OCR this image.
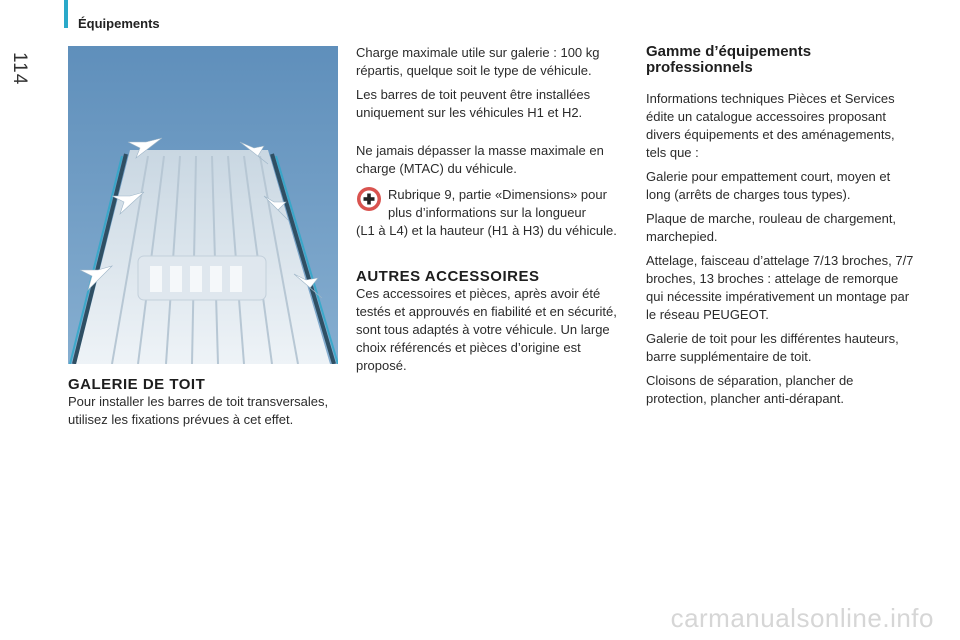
114
Équipements
GALERIE DE TOIT

Pour installer les barres de toit transversales, utilisez les fixations prévues à cet effet.

Charge maximale utile sur galerie : 100 kg répartis, quelque soit le type de véhicule.

Les barres de toit peuvent être installées uniquement sur les véhicules H1 et H2.

Ne jamais dépasser la masse maximale en charge (MTAC) du véhicule.

Rubrique 9, partie «Dimensions» pour

plus d’informations sur la longueur

(L1 à L4) et la hauteur (H1 à H3) du véhicule.

AUTRES ACCESSOIRES

Ces accessoires et pièces, après avoir été testés et approuvés en fiabilité et en sécurité, sont tous adaptés à votre véhicule. Un large choix référencés et pièces d’origine est proposé.

Gamme d’équipements professionnels

Informations techniques Pièces et Services édite un catalogue accessoires proposant divers équipements et des aménagements, tels que :

Galerie pour empattement court, moyen et long (arrêts de charges tous types).

Plaque de marche, rouleau de chargement, marchepied.

Attelage, faisceau d’attelage 7/13 broches, 7/7 broches, 13 broches : attelage de remorque qui nécessite impérativement un montage par le réseau PEUGEOT.

Galerie de toit pour les différentes hauteurs, barre supplémentaire de toit.

Cloisons de séparation, plancher de protection, plancher anti-dérapant.

carmanualsonline.info
